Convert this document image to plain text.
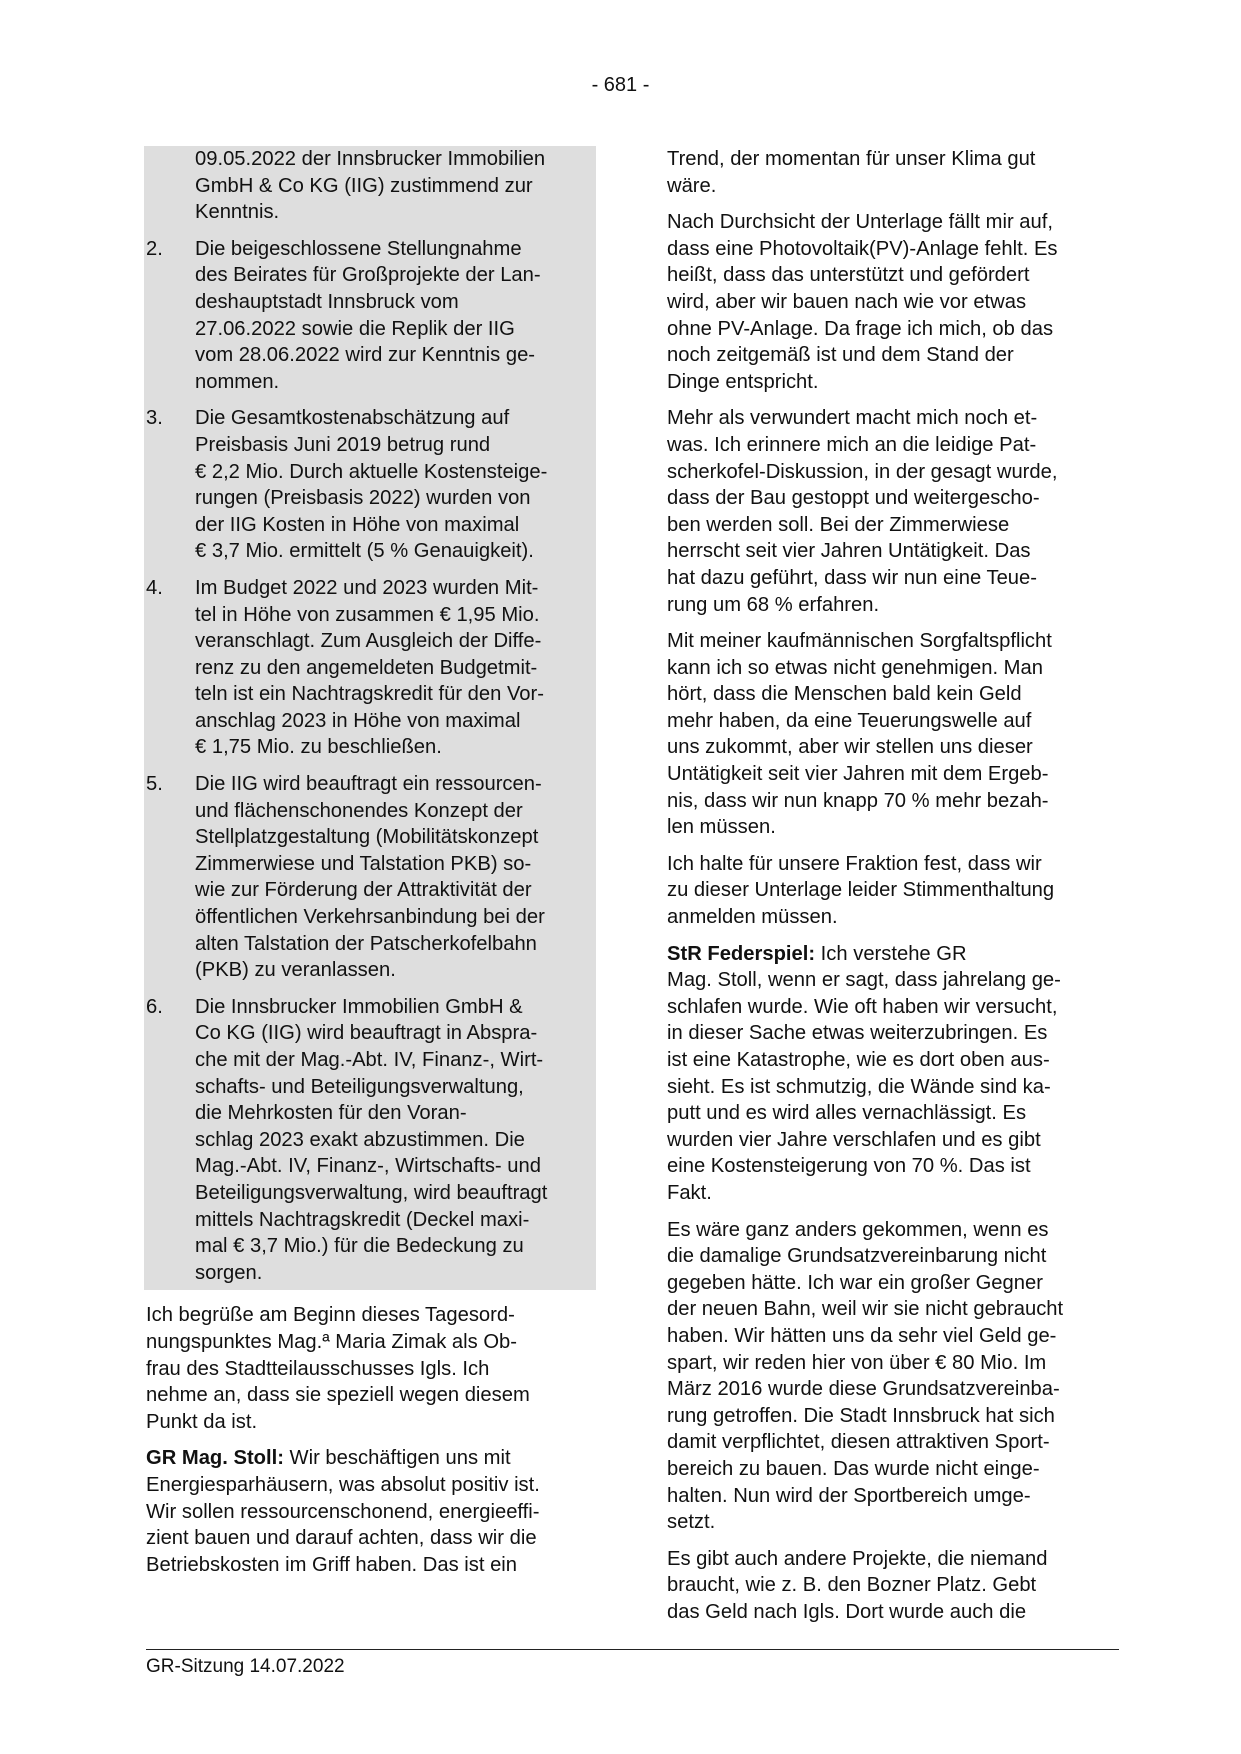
- 681 -

09.05.2022 der Innsbrucker Immobilien
GmbH & Co KG (IIG) zustimmend zur
Kenntnis.

2.	Die beigeschlossene Stellungnahme
des Beirates für Großprojekte der Lan-
deshauptstadt Innsbruck vom
27.06.2022 sowie die Replik der IIG
vom 28.06.2022 wird zur Kenntnis ge-
nommen.
3.	Die Gesamtkostenabschätzung auf
Preisbasis Juni 2019 betrug rund
€ 2,2 Mio. Durch aktuelle Kostensteige-
rungen (Preisbasis 2022) wurden von
der IIG Kosten in Höhe von maximal
€ 3,7 Mio. ermittelt (5 % Genauigkeit).
4.	Im Budget 2022 und 2023 wurden Mit-
tel in Höhe von zusammen € 1,95 Mio.
veranschlagt. Zum Ausgleich der Diffe-
renz zu den angemeldeten Budgetmit-
teln ist ein Nachtragskredit für den Vor-
anschlag 2023 in Höhe von maximal
€ 1,75 Mio. zu beschließen.
5.	Die IIG wird beauftragt ein ressourcen-
und flächenschonendes Konzept der
Stellplatzgestaltung (Mobilitätskonzept
Zimmerwiese und Talstation PKB) so-
wie zur Förderung der Attraktivität der
öffentlichen Verkehrsanbindung bei der
alten Talstation der Patscherkofelbahn
(PKB) zu veranlassen.
6.	Die Innsbrucker Immobilien GmbH &
Co KG (IIG) wird beauftragt in Abspra-
che mit der Mag.-Abt. IV, Finanz-, Wirt-
schafts- und Beteiligungsverwaltung,
die Mehrkosten für den Voran-
schlag 2023 exakt abzustimmen. Die
Mag.-Abt. IV, Finanz-, Wirtschafts- und
Beteiligungsverwaltung, wird beauftragt
mittels Nachtragskredit (Deckel maxi-
mal € 3,7 Mio.) für die Bedeckung zu
sorgen.

Ich begrüße am Beginn dieses Tagesord-
nungspunktes Mag.ª Maria Zimak als Ob-
frau des Stadtteilausschusses Igls. Ich
nehme an, dass sie speziell wegen diesem
Punkt da ist.

GR Mag. Stoll: Wir beschäftigen uns mit
Energiesparhäusern, was absolut positiv ist.
Wir sollen ressourcenschonend, energieeffi-
zient bauen und darauf achten, dass wir die
Betriebskosten im Griff haben. Das ist ein

Trend, der momentan für unser Klima gut
wäre.

Nach Durchsicht der Unterlage fällt mir auf,
dass eine Photovoltaik(PV)-Anlage fehlt. Es
heißt, dass das unterstützt und gefördert
wird, aber wir bauen nach wie vor etwas
ohne PV-Anlage. Da frage ich mich, ob das
noch zeitgemäß ist und dem Stand der
Dinge entspricht.

Mehr als verwundert macht mich noch et-
was. Ich erinnere mich an die leidige Pat-
scherkofel-Diskussion, in der gesagt wurde,
dass der Bau gestoppt und weitergescho-
ben werden soll. Bei der Zimmerwiese
herrscht seit vier Jahren Untätigkeit. Das
hat dazu geführt, dass wir nun eine Teue-
rung um 68 % erfahren.

Mit meiner kaufmännischen Sorgfaltspflicht
kann ich so etwas nicht genehmigen. Man
hört, dass die Menschen bald kein Geld
mehr haben, da eine Teuerungswelle auf
uns zukommt, aber wir stellen uns dieser
Untätigkeit seit vier Jahren mit dem Ergeb-
nis, dass wir nun knapp 70 % mehr bezah-
len müssen.

Ich halte für unsere Fraktion fest, dass wir
zu dieser Unterlage leider Stimmenthaltung
anmelden müssen.

StR Federspiel: Ich verstehe GR
Mag. Stoll, wenn er sagt, dass jahrelang ge-
schlafen wurde. Wie oft haben wir versucht,
in dieser Sache etwas weiterzubringen. Es
ist eine Katastrophe, wie es dort oben aus-
sieht. Es ist schmutzig, die Wände sind ka-
putt und es wird alles vernachlässigt. Es
wurden vier Jahre verschlafen und es gibt
eine Kostensteigerung von 70 %. Das ist
Fakt.

Es wäre ganz anders gekommen, wenn es
die damalige Grundsatzvereinbarung nicht
gegeben hätte. Ich war ein großer Gegner
der neuen Bahn, weil wir sie nicht gebraucht
haben. Wir hätten uns da sehr viel Geld ge-
spart, wir reden hier von über € 80 Mio. Im
März 2016 wurde diese Grundsatzvereinba-
rung getroffen. Die Stadt Innsbruck hat sich
damit verpflichtet, diesen attraktiven Sport-
bereich zu bauen. Das wurde nicht einge-
halten. Nun wird der Sportbereich umge-
setzt.

Es gibt auch andere Projekte, die niemand
braucht, wie z. B. den Bozner Platz. Gebt
das Geld nach Igls. Dort wurde auch die

GR-Sitzung 14.07.2022
